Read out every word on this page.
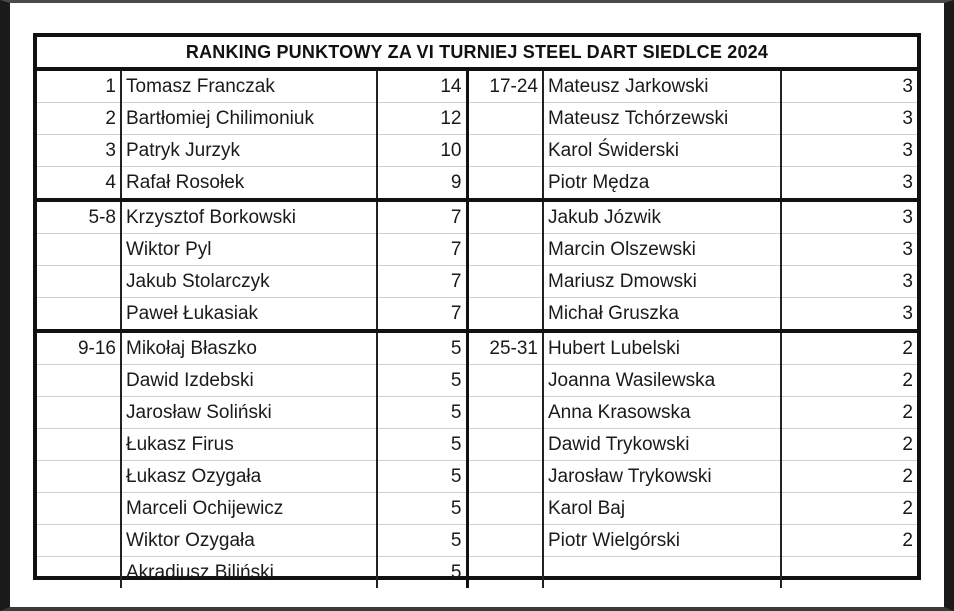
RANKING PUNKTOWY ZA VI TURNIEJ STEEL DART SIEDLCE 2024
1	Tomasz Franczak	14	17-24	Mateusz Jarkowski	3
2	Bartłomiej Chilimoniuk	12		Mateusz Tchórzewski	3
3	Patryk Jurzyk	10		Karol Świderski	3
4	Rafał Rosołek	9		Piotr Mędza	3
5-8	Krzysztof Borkowski	7		Jakub Józwik	3
	Wiktor Pyl	7		Marcin Olszewski	3
	Jakub Stolarczyk	7		Mariusz Dmowski	3
	Paweł Łukasiak	7		Michał Gruszka	3
9-16	Mikołaj Błaszko	5	25-31	Hubert Lubelski	2
	Dawid Izdebski	5		Joanna Wasilewska	2
	Jarosław Soliński	5		Anna Krasowska	2
	Łukasz Firus	5		Dawid Trykowski	2
	Łukasz Ozygała	5		Jarosław Trykowski	2
	Marceli Ochijewicz	5		Karol Baj	2
	Wiktor Ozygała	5		Piotr Wielgórski	2
	Akradiusz Biliński	5			
